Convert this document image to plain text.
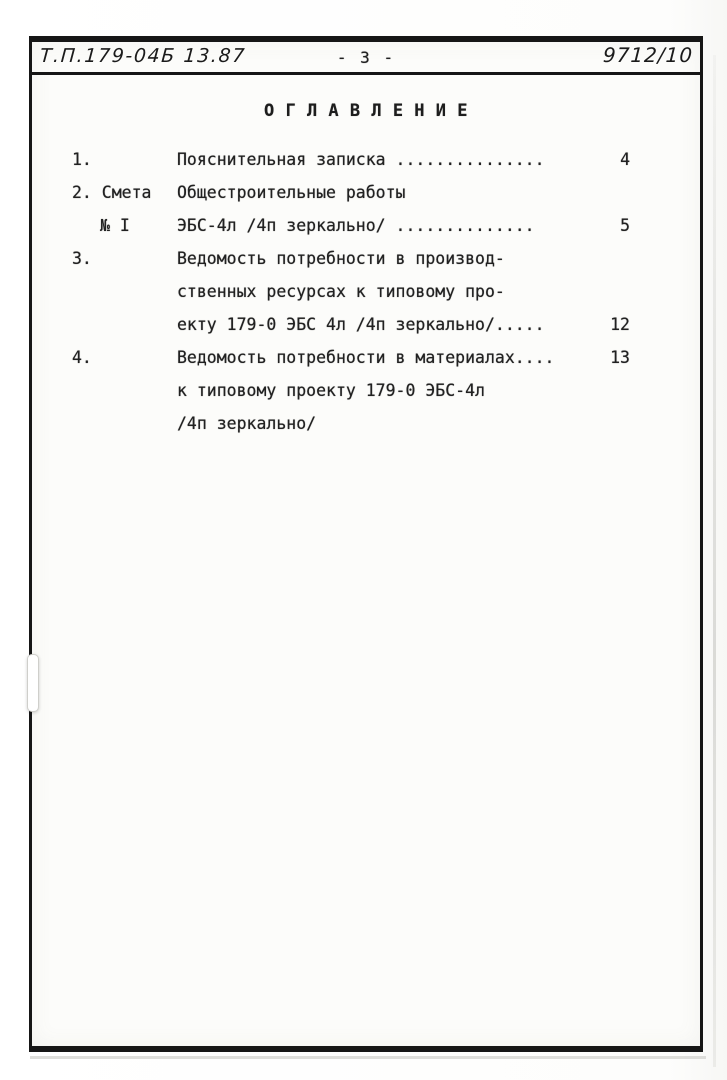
Т.П.179-04Б 13.87	- 3 -	9712/10
О Г Л А В Л Е Н И Е
1.	Пояснительная записка ...............	4
2. Смета	Общестроительные работы
№ I	ЭБС-4л /4п зеркально/ ..............	5
3.	Ведомость потребности в производ-
ственных ресурсах к типовому про-
екту 179-0 ЭБС 4л /4п зеркально/.....	12
4.	Ведомость потребности в материалах....	13
к типовому проекту 179-0 ЭБС-4л
/4п зеркально/
